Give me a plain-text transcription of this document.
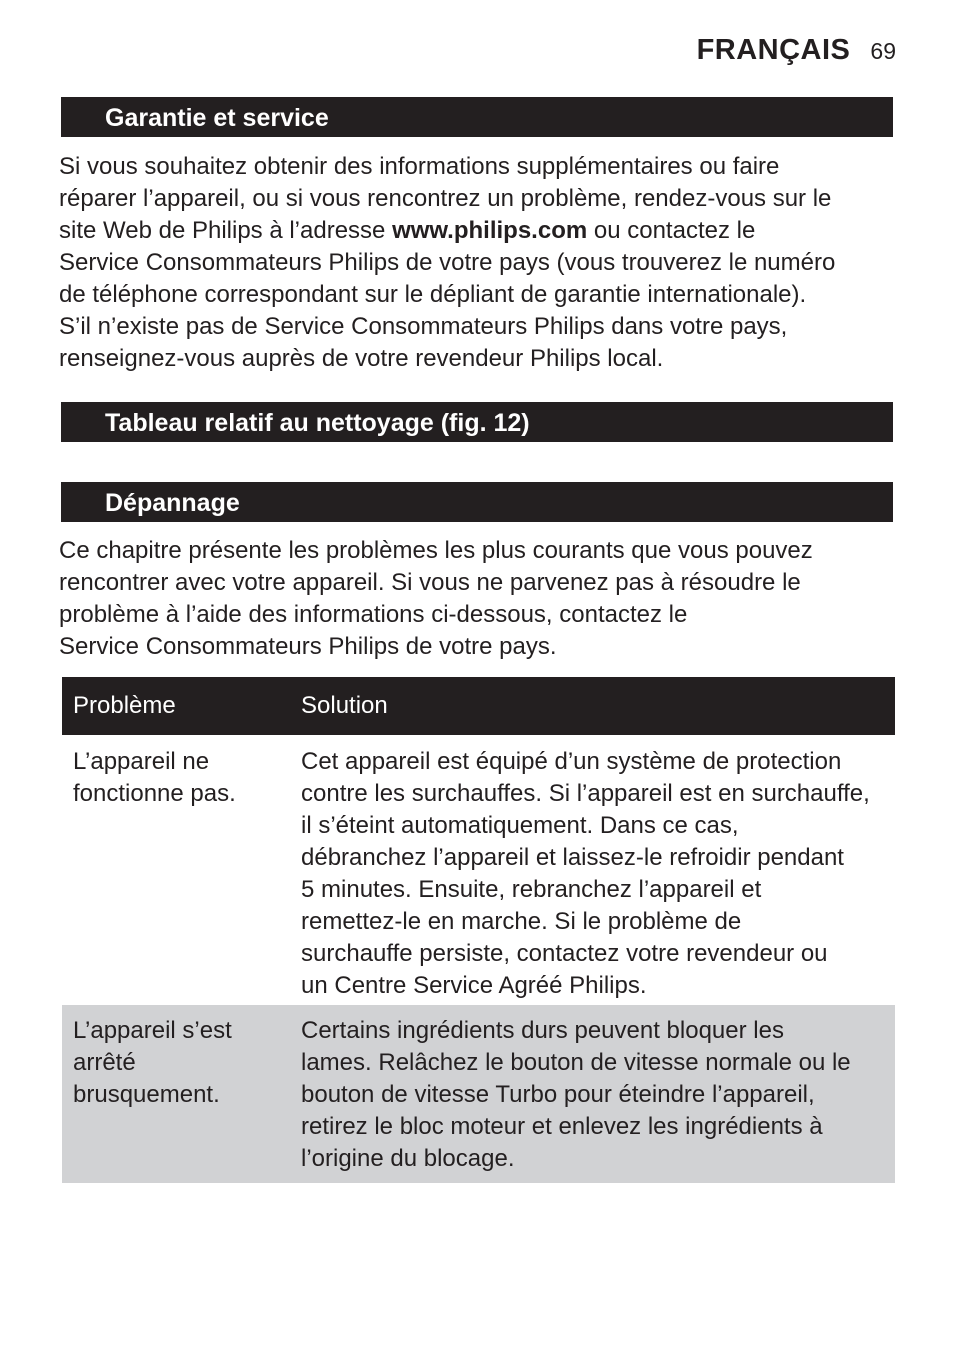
FRANÇAIS 69
Garantie et service

Si vous souhaitez obtenir des informations supplémentaires ou faire
réparer l’appareil, ou si vous rencontrez un problème, rendez-vous sur le
site Web de Philips à l’adresse www.philips.com ou contactez le
Service Consommateurs Philips de votre pays (vous trouverez le numéro
de téléphone correspondant sur le dépliant de garantie internationale).
S’il n’existe pas de Service Consommateurs Philips dans votre pays,
renseignez-vous auprès de votre revendeur Philips local.

Tableau relatif au nettoyage (fig. 12)
Dépannage

Ce chapitre présente les problèmes les plus courants que vous pouvez
rencontrer avec votre appareil. Si vous ne parvenez pas à résoudre le
problème à l’aide des informations ci-dessous, contactez le
Service Consommateurs Philips de votre pays.

Problème	Solution
L’appareil ne
fonctionne pas.
Cet appareil est équipé d’un système de protection
contre les surchauffes. Si l’appareil est en surchauffe,
il s’éteint automatiquement. Dans ce cas,
débranchez l’appareil et laissez-le refroidir pendant
5 minutes. Ensuite, rebranchez l’appareil et
remettez-le en marche. Si le problème de
surchauffe persiste, contactez votre revendeur ou
un Centre Service Agréé Philips.
L’appareil s’est
arrêté
brusquement.
Certains ingrédients durs peuvent bloquer les
lames. Relâchez le bouton de vitesse normale ou le
bouton de vitesse Turbo pour éteindre l’appareil,
retirez le bloc moteur et enlevez les ingrédients à
l’origine du blocage.
